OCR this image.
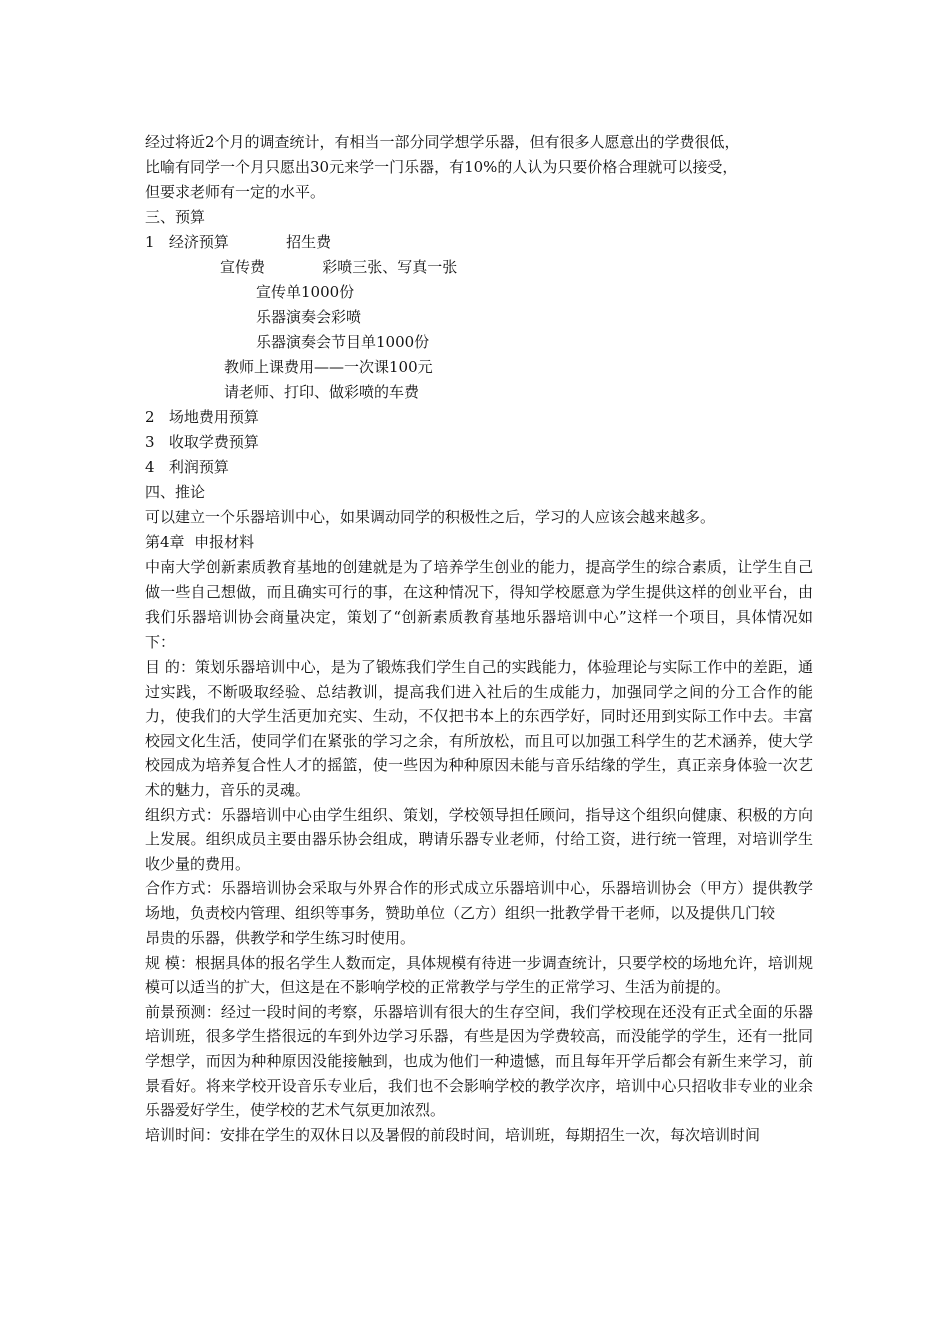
经过将近2个月的调查统计，有相当一部分同学想学乐器，但有很多人愿意出的学费很低，
比喻有同学一个月只愿出30元来学一门乐器，有10%的人认为只要价格合理就可以接受，
但要求老师有一定的水平。
三、预算
1   经济预算            招生费
宣传费            彩喷三张、写真一张
宣传单1000份
乐器演奏会彩喷
乐器演奏会节目单1000份
教师上课费用——一次课100元
请老师、打印、做彩喷的车费
2   场地费用预算
3   收取学费预算
4   利润预算
四、推论
可以建立一个乐器培训中心，如果调动同学的积极性之后，学习的人应该会越来越多。
第4章  申报材料

中南大学创新素质教育基地的创建就是为了培养学生创业的能力，提高学生的综合素质，让学生自己做一些自己想做，而且确实可行的事，在这种情况下，得知学校愿意为学生提供这样的创业平台，由我们乐器培训协会商量决定，策划了“创新素质教育基地乐器培训中心”这样一个项目，具体情况如下：

目 的：策划乐器培训中心，是为了锻炼我们学生自己的实践能力，体验理论与实际工作中的差距，通过实践，不断吸取经验、总结教训，提高我们进入社后的生成能力，加强同学之间的分工合作的能力，使我们的大学生活更加充实、生动，不仅把书本上的东西学好，同时还用到实际工作中去。丰富校园文化生活，使同学们在紧张的学习之余，有所放松，而且可以加强工科学生的艺术涵养，使大学校园成为培养复合性人才的摇篮，使一些因为种种原因未能与音乐结缘的学生，真正亲身体验一次艺术的魅力，音乐的灵魂。

组织方式：乐器培训中心由学生组织、策划，学校领导担任顾问，指导这个组织向健康、积极的方向上发展。组织成员主要由器乐协会组成，聘请乐器专业老师，付给工资，进行统一管理，对培训学生收少量的费用。

合作方式：乐器培训协会采取与外界合作的形式成立乐器培训中心，乐器培训协会（甲方）提供教学场地，负责校内管理、组织等事务，赞助单位（乙方）组织一批教学骨干老师，以及提供几门较

昂贵的乐器，供教学和学生练习时使用。

规 模：根据具体的报名学生人数而定，具体规模有待进一步调查统计，只要学校的场地允许，培训规模可以适当的扩大，但这是在不影响学校的正常教学与学生的正常学习、生活为前提的。

前景预测：经过一段时间的考察，乐器培训有很大的生存空间，我们学校现在还没有正式全面的乐器培训班，很多学生搭很远的车到外边学习乐器，有些是因为学费较高，而没能学的学生，还有一批同学想学，而因为种种原因没能接触到，也成为他们一种遗憾，而且每年开学后都会有新生来学习，前景看好。将来学校开设音乐专业后，我们也不会影响学校的教学次序，培训中心只招收非专业的业余乐器爱好学生，使学校的艺术气氛更加浓烈。

培训时间：安排在学生的双休日以及暑假的前段时间，培训班，每期招生一次，每次培训时间
